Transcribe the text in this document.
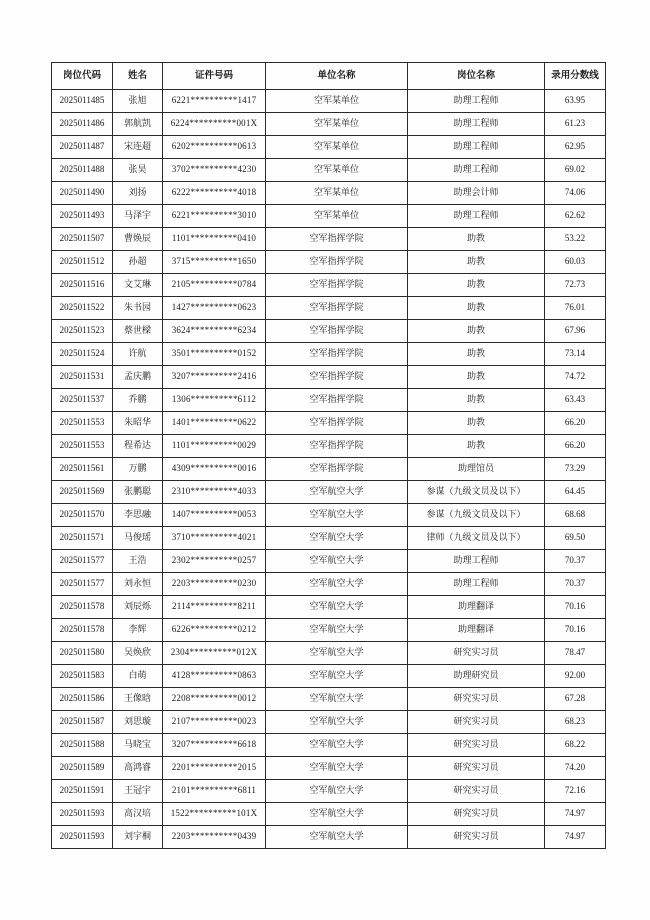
岗位代码	姓名	证件号码	单位名称	岗位名称	录用分数线
2025011485	张旭	6221**********1417	空军某单位	助理工程师	63.95
2025011486	郭航凯	6224**********001X	空军某单位	助理工程师	61.23
2025011487	宋连超	6202**********0613	空军某单位	助理工程师	62.95
2025011488	张昊	3702**********4230	空军某单位	助理工程师	69.02
2025011490	刘扬	6222**********4018	空军某单位	助理会计师	74.06
2025011493	马泽宇	6221**********3010	空军某单位	助理工程师	62.62
2025011507	曹焕辰	1101**********0410	空军指挥学院	助教	53.22
2025011512	孙超	3715**********1650	空军指挥学院	助教	60.03
2025011516	文艾琳	2105**********0784	空军指挥学院	助教	72.73
2025011522	朱书园	1427**********0623	空军指挥学院	助教	76.01
2025011523	蔡世樑	3624**********6234	空军指挥学院	助教	67.96
2025011524	许航	3501**********0152	空军指挥学院	助教	73.14
2025011531	孟庆鹏	3207**********2416	空军指挥学院	助教	74.72
2025011537	乔鹏	1306**********6112	空军指挥学院	助教	63.43
2025011553	朱昭华	1401**********0622	空军指挥学院	助教	66.20
2025011553	程希达	1101**********0029	空军指挥学院	助教	66.20
2025011561	万鹏	4309**********0016	空军指挥学院	助理馆员	73.29
2025011569	张鹏聪	2310**********4033	空军航空大学	参谋（九级文员及以下）	64.45
2025011570	李思融	1407**********0053	空军航空大学	参谋（九级文员及以下）	68.68
2025011571	马俊瑶	3710**********4021	空军航空大学	律师（九级文员及以下）	69.50
2025011577	王浩	2302**********0257	空军航空大学	助理工程师	70.37
2025011577	刘永恒	2203**********0230	空军航空大学	助理工程师	70.37
2025011578	刘辰烁	2114**********8211	空军航空大学	助理翻译	70.16
2025011578	李辉	6226**********0212	空军航空大学	助理翻译	70.16
2025011580	吴焕欣	2304**********012X	空军航空大学	研究实习员	78.47
2025011583	白萌	4128**********0863	空军航空大学	助理研究员	92.00
2025011586	王像晗	2208**********0012	空军航空大学	研究实习员	67.28
2025011587	刘思璇	2107**********0023	空军航空大学	研究实习员	68.23
2025011588	马晓宝	3207**********6618	空军航空大学	研究实习员	68.22
2025011589	高鸿睿	2201**********2015	空军航空大学	研究实习员	74.20
2025011591	王冠宇	2101**********6811	空军航空大学	研究实习员	72.16
2025011593	高汉培	1522**********101X	空军航空大学	研究实习员	74.97
2025011593	刘宇桐	2203**********0439	空军航空大学	研究实习员	74.97
